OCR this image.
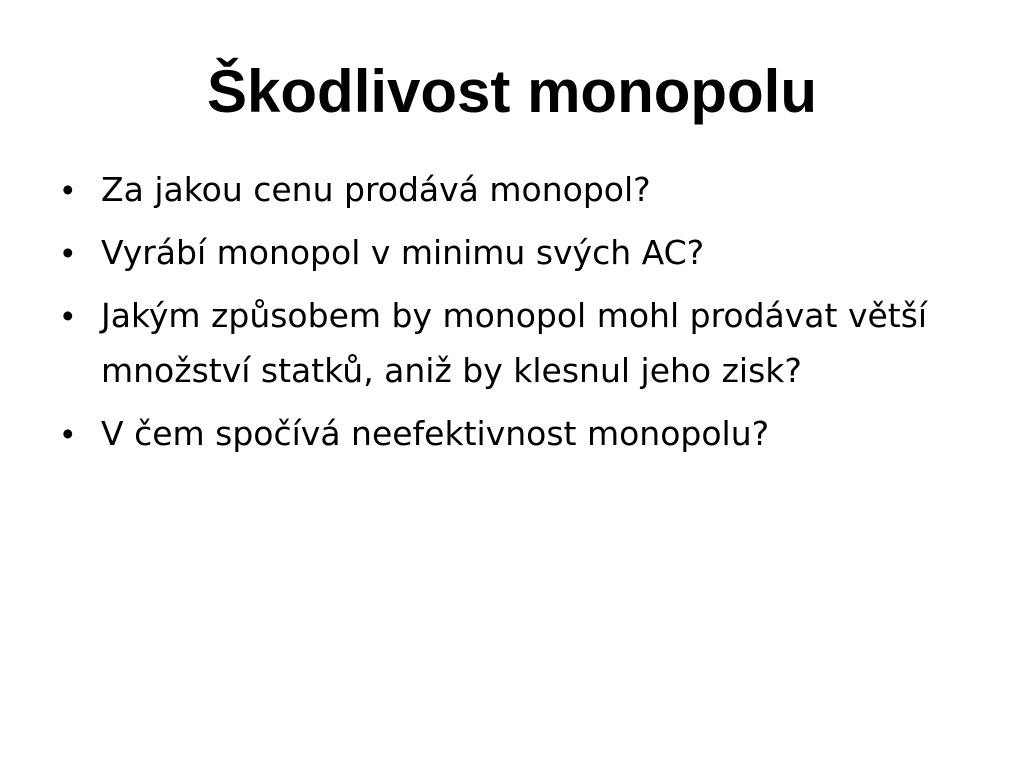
Škodlivost monopolu
• Za jakou cenu prodává monopol?
• Vyrábí monopol v minimu svých AC?
• Jakým způsobem by monopol mohl prodávat větší množství statků, aniž by klesnul jeho zisk?
• V čem spočívá neefektivnost monopolu?
